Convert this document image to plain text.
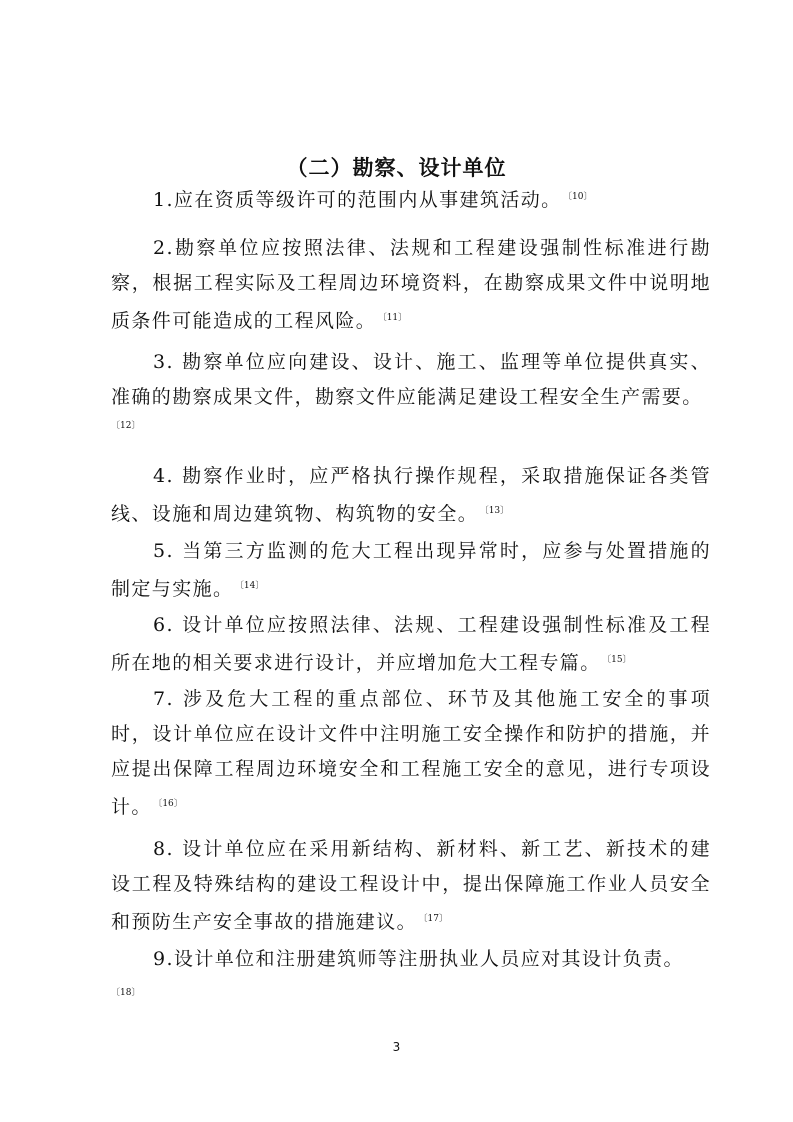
（二）勘察、设计单位

1.应在资质等级许可的范围内从事建筑活动。 $^{〔10〕}$

2.勘察单位应按照法律、法规和工程建设强制性标准进行勘察，根据工程实际及工程周边环境资料，在勘察成果文件中说明地质条件可能造成的工程风险。 $^{〔11〕}$

3. 勘察单位应向建设、设计、施工、监理等单位提供真实、准确的勘察成果文件，勘察文件应能满足建设工程安全生产需要。

〔12〕

4. 勘察作业时，应严格执行操作规程，采取措施保证各类管线、设施和周边建筑物、构筑物的安全。 $^{〔13〕}$

5. 当第三方监测的危大工程出现异常时，应参与处置措施的制定与实施。 $^{〔14〕}$

6. 设计单位应按照法律、法规、工程建设强制性标准及工程所在地的相关要求进行设计，并应增加危大工程专篇。 $^{〔15〕}$

7. 涉及危大工程的重点部位、环节及其他施工安全的事项时，设计单位应在设计文件中注明施工安全操作和防护的措施，并应提出保障工程周边环境安全和工程施工安全的意见，进行专项设计。 $^{〔16〕}$

8. 设计单位应在采用新结构、新材料、新工艺、新技术的建设工程及特殊结构的建设工程设计中，提出保障施工作业人员安全和预防生产安全事故的措施建议。 $^{〔17〕}$

9.设计单位和注册建筑师等注册执业人员应对其设计负责。

〔18〕
3
